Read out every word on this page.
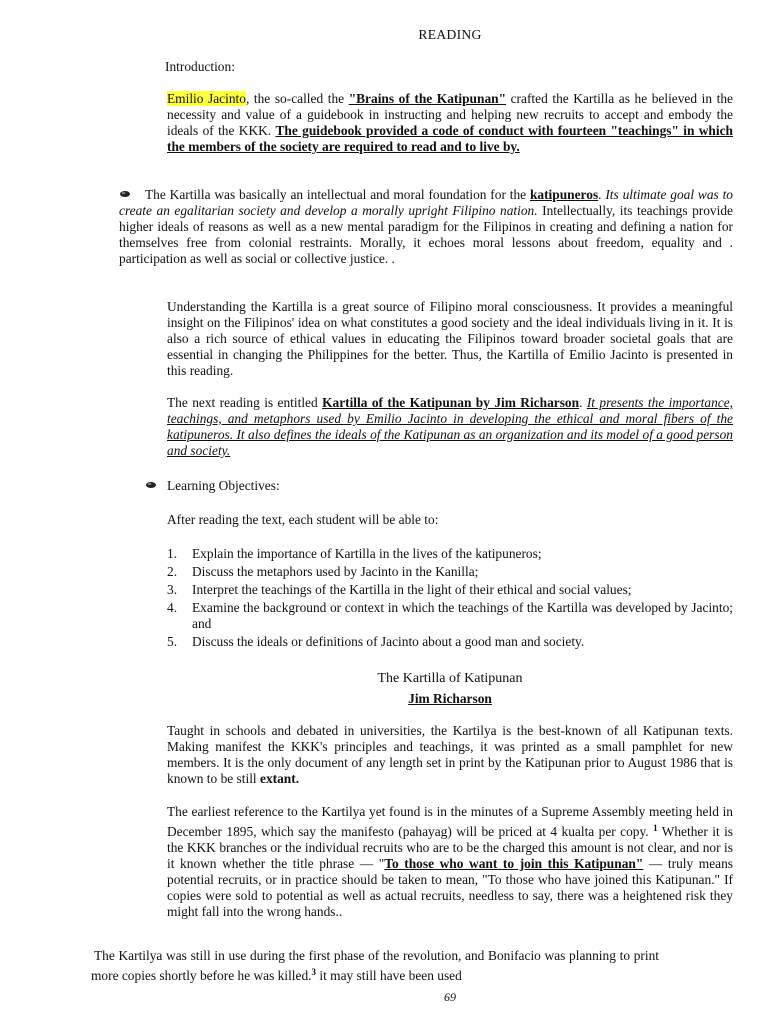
READING
Introduction:

Emilio Jacinto, the so-called the "Brains of the Katipunan" crafted the Kartilla as he believed in the necessity and value of a guidebook in instructing and helping new recruits to accept and embody the ideals of the KKK. The guidebook provided a code of conduct with fourteen "teachings" in which the members of the society are required to read and to live by.

The Kartilla was basically an intellectual and moral foundation for the katipuneros. Its ultimate goal was to create an egalitarian society and develop a morally upright Filipino nation. Intellectually, its teachings provide higher ideals of reasons as well as a new mental paradigm for the Filipinos in creating and defining a nation for themselves free from colonial restraints. Morally, it echoes moral lessons about freedom, equality and . participation as well as social or collective justice. .

Understanding the Kartilla is a great source of Filipino moral consciousness. It provides a meaningful insight on the Filipinos' idea on what constitutes a good society and the ideal individuals living in it. It is also a rich source of ethical values in educating the Filipinos toward broader societal goals that are essential in changing the Philippines for the better. Thus, the Kartilla of Emilio Jacinto is presented in this reading.

The next reading is entitled Kartilla of the Katipunan by Jim Richarson. It presents the importance, teachings, and metaphors used by Emilio Jacinto in developing the ethical and moral fibers of the katipuneros. It also defines the ideals of the Katipunan as an organization and its model of a good person and society.

Learning Objectives:
After reading the text, each student will be able to:
1. Explain the importance of Kartilla in the lives of the katipuneros;
2. Discuss the metaphors used by Jacinto in the Kanilla;
3. Interpret the teachings of the Kartilla in the light of their ethical and social values;
4. Examine the background or context in which the teachings of the Kartilla was developed by Jacinto; and
5. Discuss the ideals or definitions of Jacinto about a good man and society.
The Kartilla of Katipunan
Jim Richarson

Taught in schools and debated in universities, the Kartilya is the best-known of all Katipunan texts. Making manifest the KKK's principles and teachings, it was printed as a small pamphlet for new members. It is the only document of any length set in print by the Katipunan prior to August 1986 that is known to be still extant.

The earliest reference to the Kartilya yet found is in the minutes of a Supreme Assembly meeting held in December 1895, which say the manifesto (pahayag) will be priced at 4 kualta per copy. $^1$ Whether it is the KKK branches or the individual recruits who are to be the charged this amount is not clear, and nor is it known whether the title phrase — "To those who want to join this Katipunan" — truly means potential recruits, or in practice should be taken to mean, "To those who have joined this Katipunan." If copies were sold to potential as well as actual recruits, needless to say, there was a heightened risk they might fall into the wrong hands..

The Kartilya was still in use during the first phase of the revolution, and Bonifacio was planning to print more copies shortly before he was killed.$^3$ it may still have been used

69
